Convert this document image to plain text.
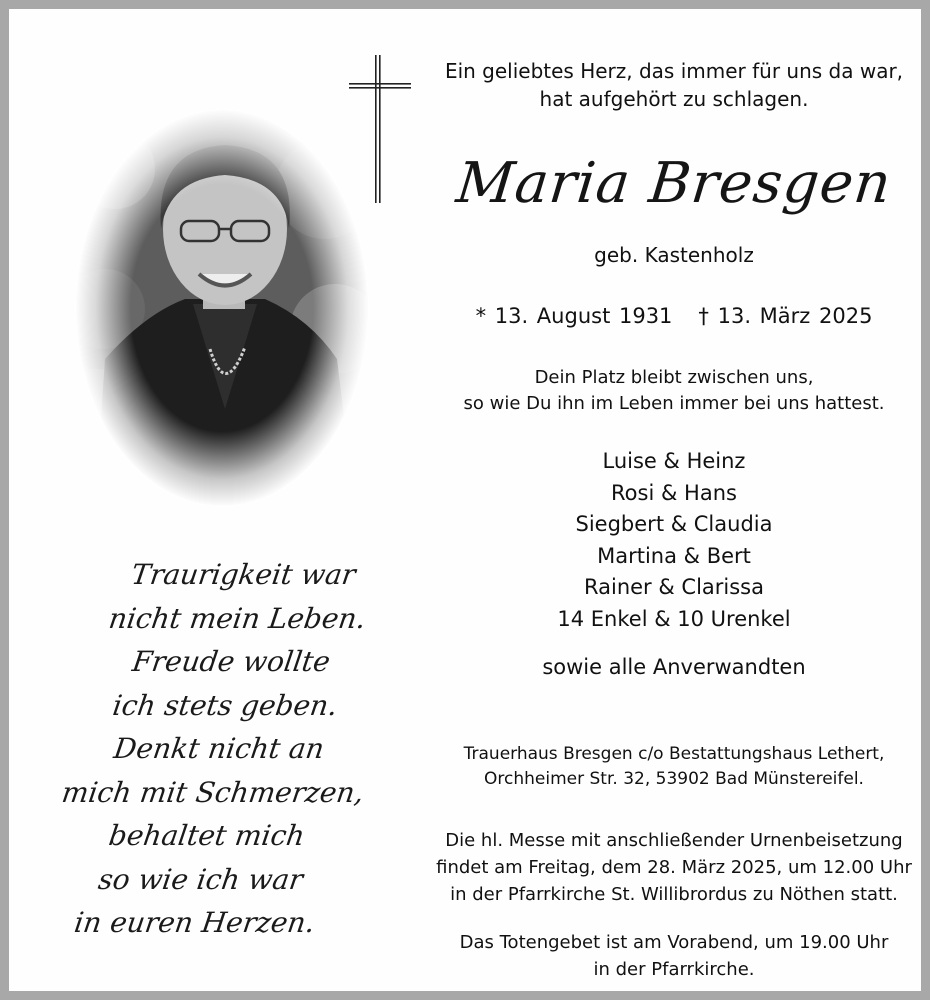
Ein geliebtes Herz, das immer für uns da war,
hat aufgehört zu schlagen.
Maria Bresgen
geb. Kastenholz
* 13. August 1931 † 13. März 2025
Dein Platz bleibt zwischen uns,
so wie Du ihn im Leben immer bei uns hattest.
Luise & Heinz
Rosi & Hans
Siegbert & Claudia
Martina & Bert
Rainer & Clarissa
14 Enkel & 10 Urenkel
sowie alle Anverwandten
Trauerhaus Bresgen c/o Bestattungshaus Lethert,
Orchheimer Str. 32, 53902 Bad Münstereifel.
Die hl. Messe mit anschließender Urnenbeisetzung
findet am Freitag, dem 28. März 2025, um 12.00 Uhr
in der Pfarrkirche St. Willibrordus zu Nöthen statt.
Das Totengebet ist am Vorabend, um 19.00 Uhr
in der Pfarrkirche.
Traurigkeit war
nicht mein Leben.
Freude wollte
ich stets geben.
Denkt nicht an
mich mit Schmerzen,
behaltet mich
so wie ich war
in euren Herzen.
